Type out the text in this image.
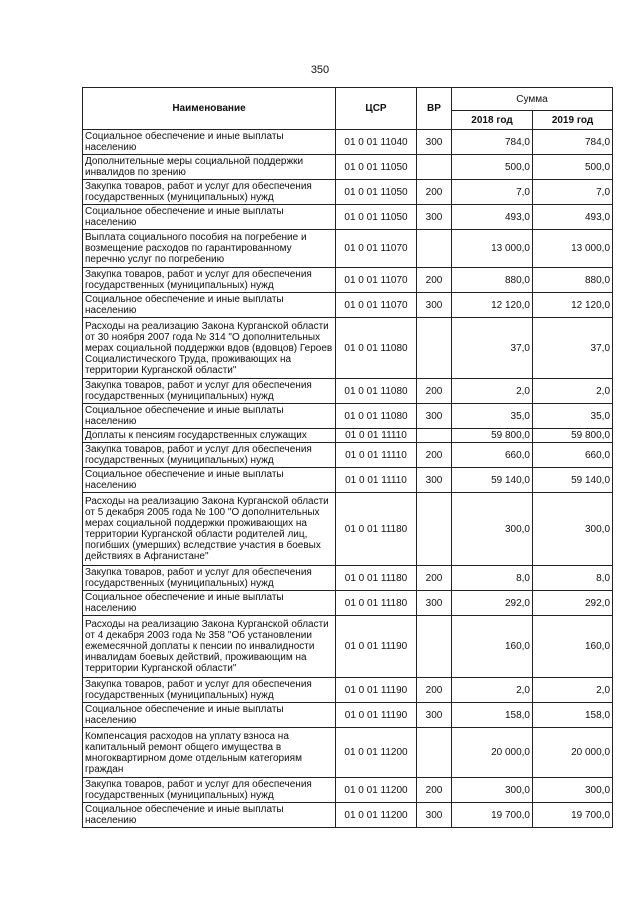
350
Наименование	ЦСР	ВР	Сумма	
			2018 год	2019 год
Социальное обеспечение и иные выплаты населению	01 0 01 11040	300	784,0	784,0
Дополнительные меры социальной поддержки инвалидов по зрению	01 0 01 11050		500,0	500,0
Закупка товаров, работ и услуг для обеспечения государственных (муниципальных) нужд	01 0 01 11050	200	7,0	7,0
Социальное обеспечение и иные выплаты населению	01 0 01 11050	300	493,0	493,0
Выплата социального пособия на погребение и возмещение расходов по гарантированному перечню услуг по погребению	01 0 01 11070		13 000,0	13 000,0
Закупка товаров, работ и услуг для обеспечения государственных (муниципальных) нужд	01 0 01 11070	200	880,0	880,0
Социальное обеспечение и иные выплаты населению	01 0 01 11070	300	12 120,0	12 120,0
Расходы на реализацию Закона Курганской области от 30 ноября 2007 года № 314 "О дополнительных мерах социальной поддержки вдов (вдовцов) Героев Социалистического Труда, проживающих на территории Курганской области"	01 0 01 11080		37,0	37,0
Закупка товаров, работ и услуг для обеспечения государственных (муниципальных) нужд	01 0 01 11080	200	2,0	2,0
Социальное обеспечение и иные выплаты населению	01 0 01 11080	300	35,0	35,0
Доплаты к пенсиям государственных служащих	01 0 01 11110		59 800,0	59 800,0
Закупка товаров, работ и услуг для обеспечения государственных (муниципальных) нужд	01 0 01 11110	200	660,0	660,0
Социальное обеспечение и иные выплаты населению	01 0 01 11110	300	59 140,0	59 140,0
Расходы на реализацию Закона Курганской области от 5 декабря 2005 года № 100 "О дополнительных мерах социальной поддержки проживающих на территории Курганской области родителей лиц, погибших (умерших) вследствие участия в боевых действиях в Афганистане"	01 0 01 11180		300,0	300,0
Закупка товаров, работ и услуг для обеспечения государственных (муниципальных) нужд	01 0 01 11180	200	8,0	8,0
Социальное обеспечение и иные выплаты населению	01 0 01 11180	300	292,0	292,0
Расходы на реализацию Закона Курганской области от 4 декабря 2003 года № 358 "Об установлении ежемесячной доплаты к пенсии по инвалидности инвалидам боевых действий, проживающим на территории Курганской области"	01 0 01 11190		160,0	160,0
Закупка товаров, работ и услуг для обеспечения государственных (муниципальных) нужд	01 0 01 11190	200	2,0	2,0
Социальное обеспечение и иные выплаты населению	01 0 01 11190	300	158,0	158,0
Компенсация расходов на уплату взноса на капитальный ремонт общего имущества в многоквартирном доме отдельным категориям граждан	01 0 01 11200		20 000,0	20 000,0
Закупка товаров, работ и услуг для обеспечения государственных (муниципальных) нужд	01 0 01 11200	200	300,0	300,0
Социальное обеспечение и иные выплаты населению	01 0 01 11200	300	19 700,0	19 700,0
